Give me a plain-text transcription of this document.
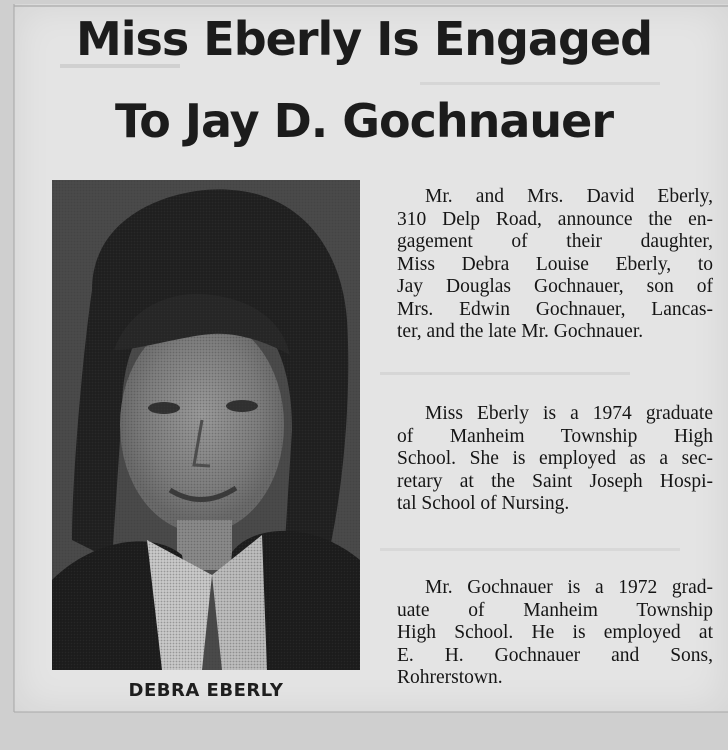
Miss Eberly Is Engaged
To Jay D. Gochnauer
DEBRA EBERLY
Mr. and Mrs. David Eberly,
310 Delp Road, announce the en-
gagement of their daughter,
Miss Debra Louise Eberly, to
Jay Douglas Gochnauer, son of
Mrs. Edwin Gochnauer, Lancas-
ter, and the late Mr. Gochnauer.
Miss Eberly is a 1974 graduate
of Manheim Township High
School. She is employed as a sec-
retary at the Saint Joseph Hospi-
tal School of Nursing.
Mr. Gochnauer is a 1972 grad-
uate of Manheim Township
High School. He is employed at
E. H. Gochnauer and Sons,
Rohrerstown.
